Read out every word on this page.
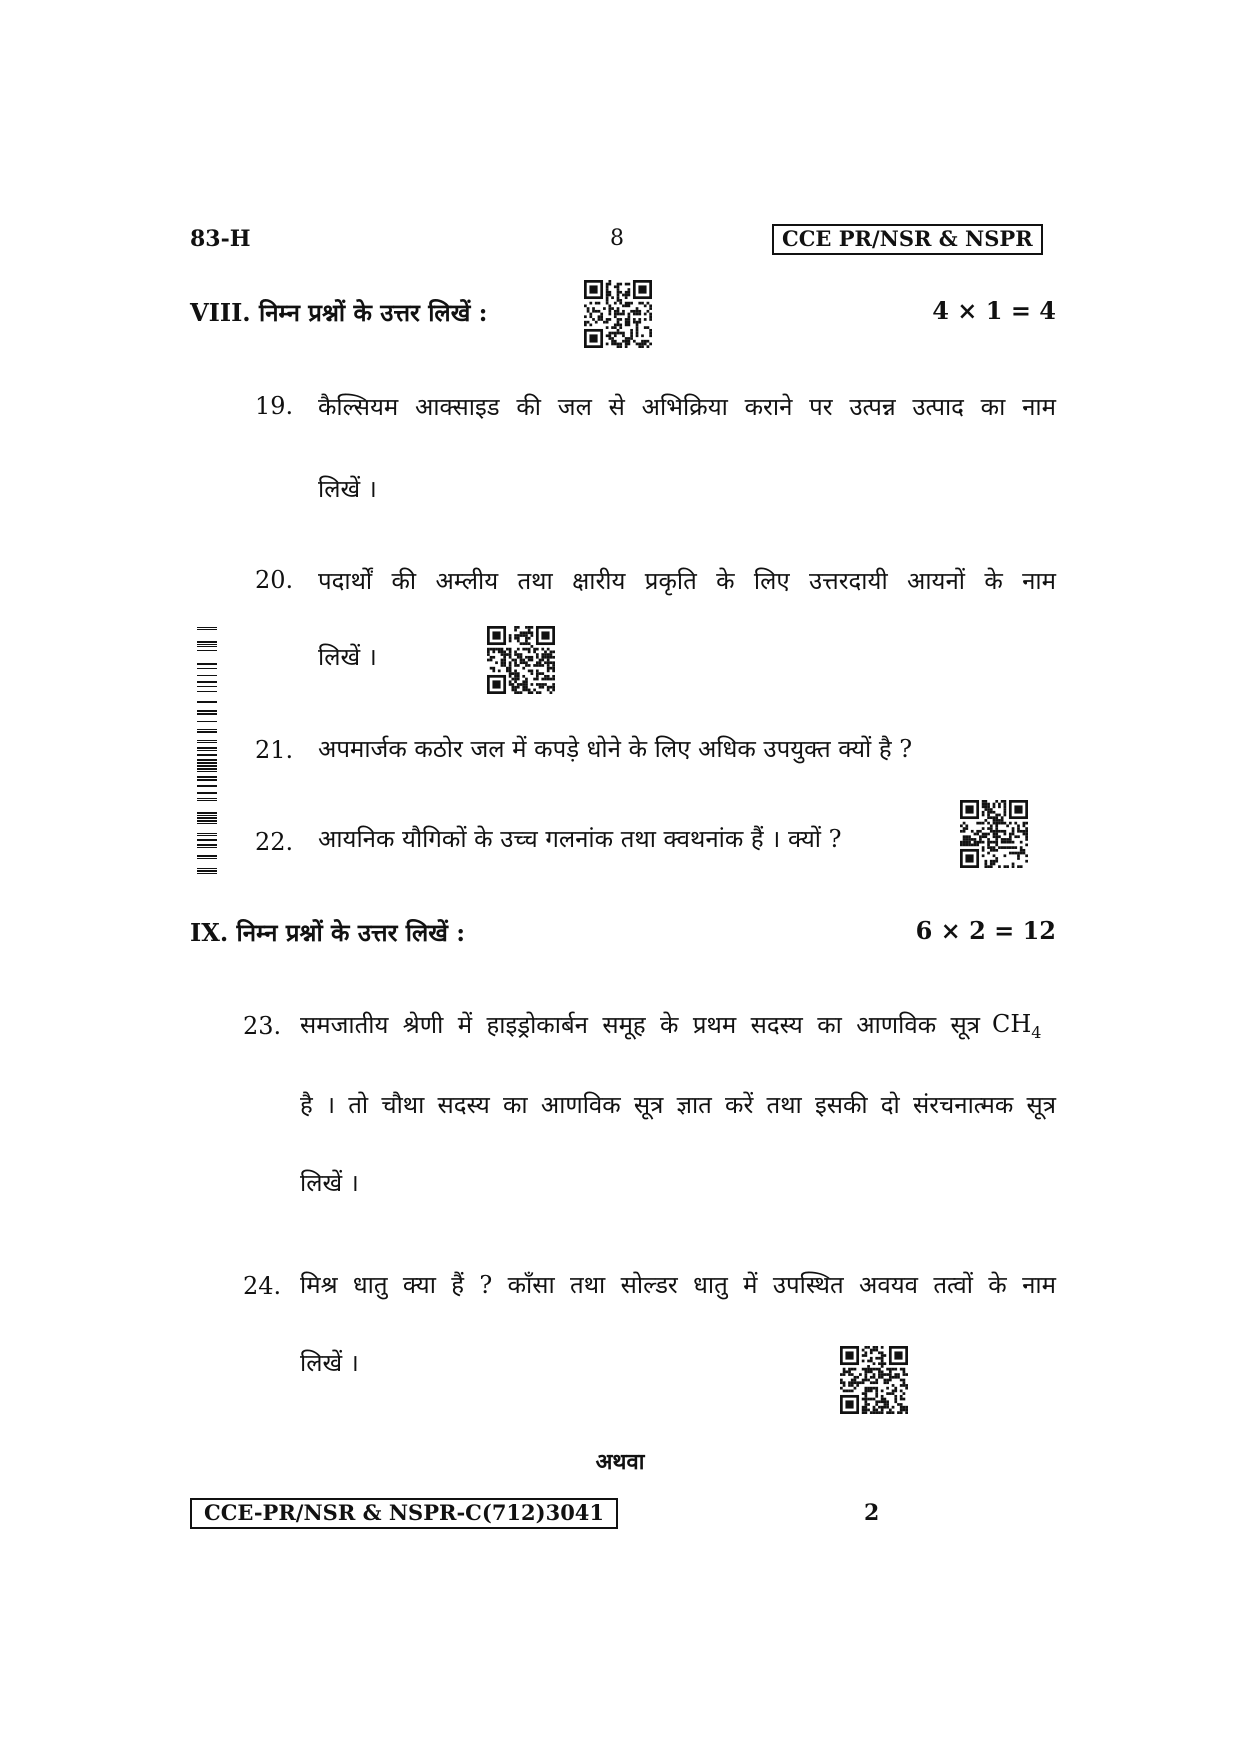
83-H	8	CCE PR/NSR & NSPR
VIII. निम्न प्रश्नों के उत्तर लिखें :	4 × 1 = 4
19. कैल्सियम आक्साइड की जल से अभिक्रिया कराने पर उत्पन्न उत्पाद का नाम
लिखें ।
20. पदार्थों की अम्लीय तथा क्षारीय प्रकृति के लिए उत्तरदायी आयनों के नाम
लिखें ।
21. अपमार्जक कठोर जल में कपड़े धोने के लिए अधिक उपयुक्त क्यों है ?
22. आयनिक यौगिकों के उच्च गलनांक तथा क्वथनांक हैं । क्यों ?
IX. निम्न प्रश्नों के उत्तर लिखें :	6 × 2 = 12
23. समजातीय श्रेणी में हाइड्रोकार्बन समूह के प्रथम सदस्य का आणविक सूत्र $CH_4$
है । तो चौथा सदस्य का आणविक सूत्र ज्ञात करें तथा इसकी दो संरचनात्मक सूत्र
लिखें ।
24. मिश्र धातु क्या हैं ? काँसा तथा सोल्डर धातु में उपस्थित अवयव तत्वों के नाम
लिखें ।
अथवा
CCE-PR/NSR & NSPR-C(712)3041	2
